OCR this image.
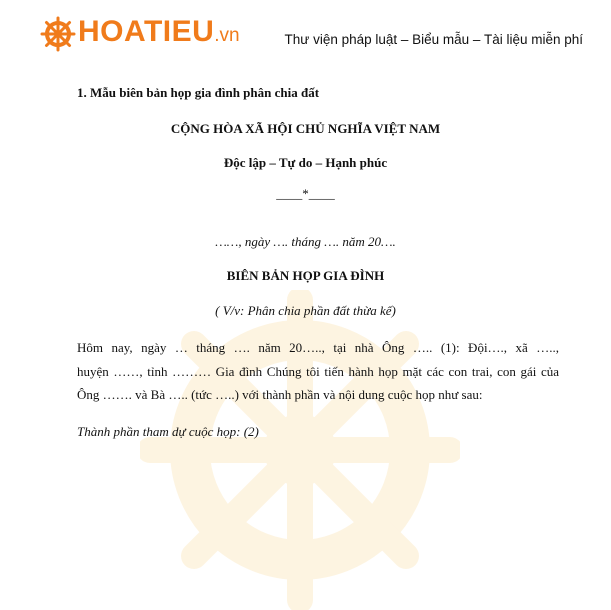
HOATIEU.vn	Thư viện pháp luật – Biểu mẫu – Tài liệu miễn phí
1. Mẫu biên bản họp gia đình phân chia đất
CỘNG HÒA XÃ HỘI CHỦ NGHĨA VIỆT NAM
Độc lập – Tự do – Hạnh phúc
____*____
……, ngày …. tháng …. năm 20….
BIÊN BẢN HỌP GIA ĐÌNH
( V/v: Phân chia phần đất thừa kế)
Hôm nay, ngày … tháng …. năm 20….., tại nhà Ông ….. (1): Đội…., xã …..,
huyện ……, tỉnh ……… Gia đình Chúng tôi tiến hành họp mặt các con trai, con gái của
Ông ……. và Bà ….. (tức …..) với thành phần và nội dung cuộc họp như sau:
Thành phần tham dự cuộc họp: (2)
